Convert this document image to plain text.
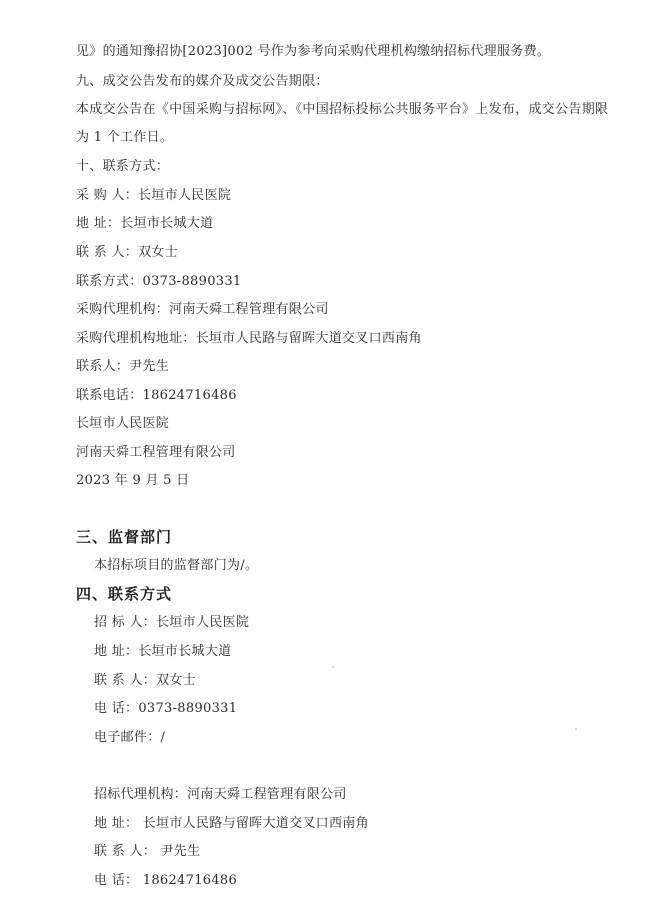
见》的通知豫招协[2023]002 号作为参考向采购代理机构缴纳招标代理服务费。
九、成交公告发布的媒介及成交公告期限：
本成交公告在《中国采购与招标网》、《中国招标投标公共服务平台》上发布，成交公告期限
为 1 个工作日。
十、联系方式：
采 购 人：长垣市人民医院
地 址：长垣市长城大道
联 系 人：双女士
联系方式：0373-8890331
采购代理机构：河南天舜工程管理有限公司
采购代理机构地址：长垣市人民路与留晖大道交叉口西南角
联系人：尹先生
联系电话：18624716486
长垣市人民医院
河南天舜工程管理有限公司
2023 年 9 月 5 日
三、监督部门
本招标项目的监督部门为/。
四、联系方式
招 标 人：长垣市人民医院
地 址：长垣市长城大道
联 系 人：双女士
电 话：0373-8890331
电子邮件：/
招标代理机构：河南天舜工程管理有限公司
地 址： 长垣市人民路与留晖大道交叉口西南角
联 系 人： 尹先生
电 话： 18624716486
